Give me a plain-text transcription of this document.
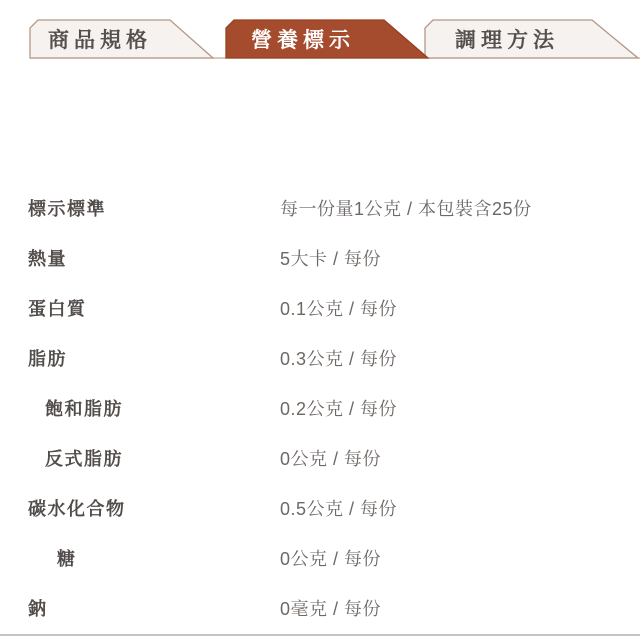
商品規格	調理方法
營養標示
標示標準	每一份量1公克 / 本包裝含25份
熱量	5大卡 / 每份
蛋白質	0.1公克 / 每份
脂肪	0.3公克 / 每份
飽和脂肪	0.2公克 / 每份
反式脂肪	0公克 / 每份
碳水化合物	0.5公克 / 每份
糖	0公克 / 每份
鈉	0毫克 / 每份
